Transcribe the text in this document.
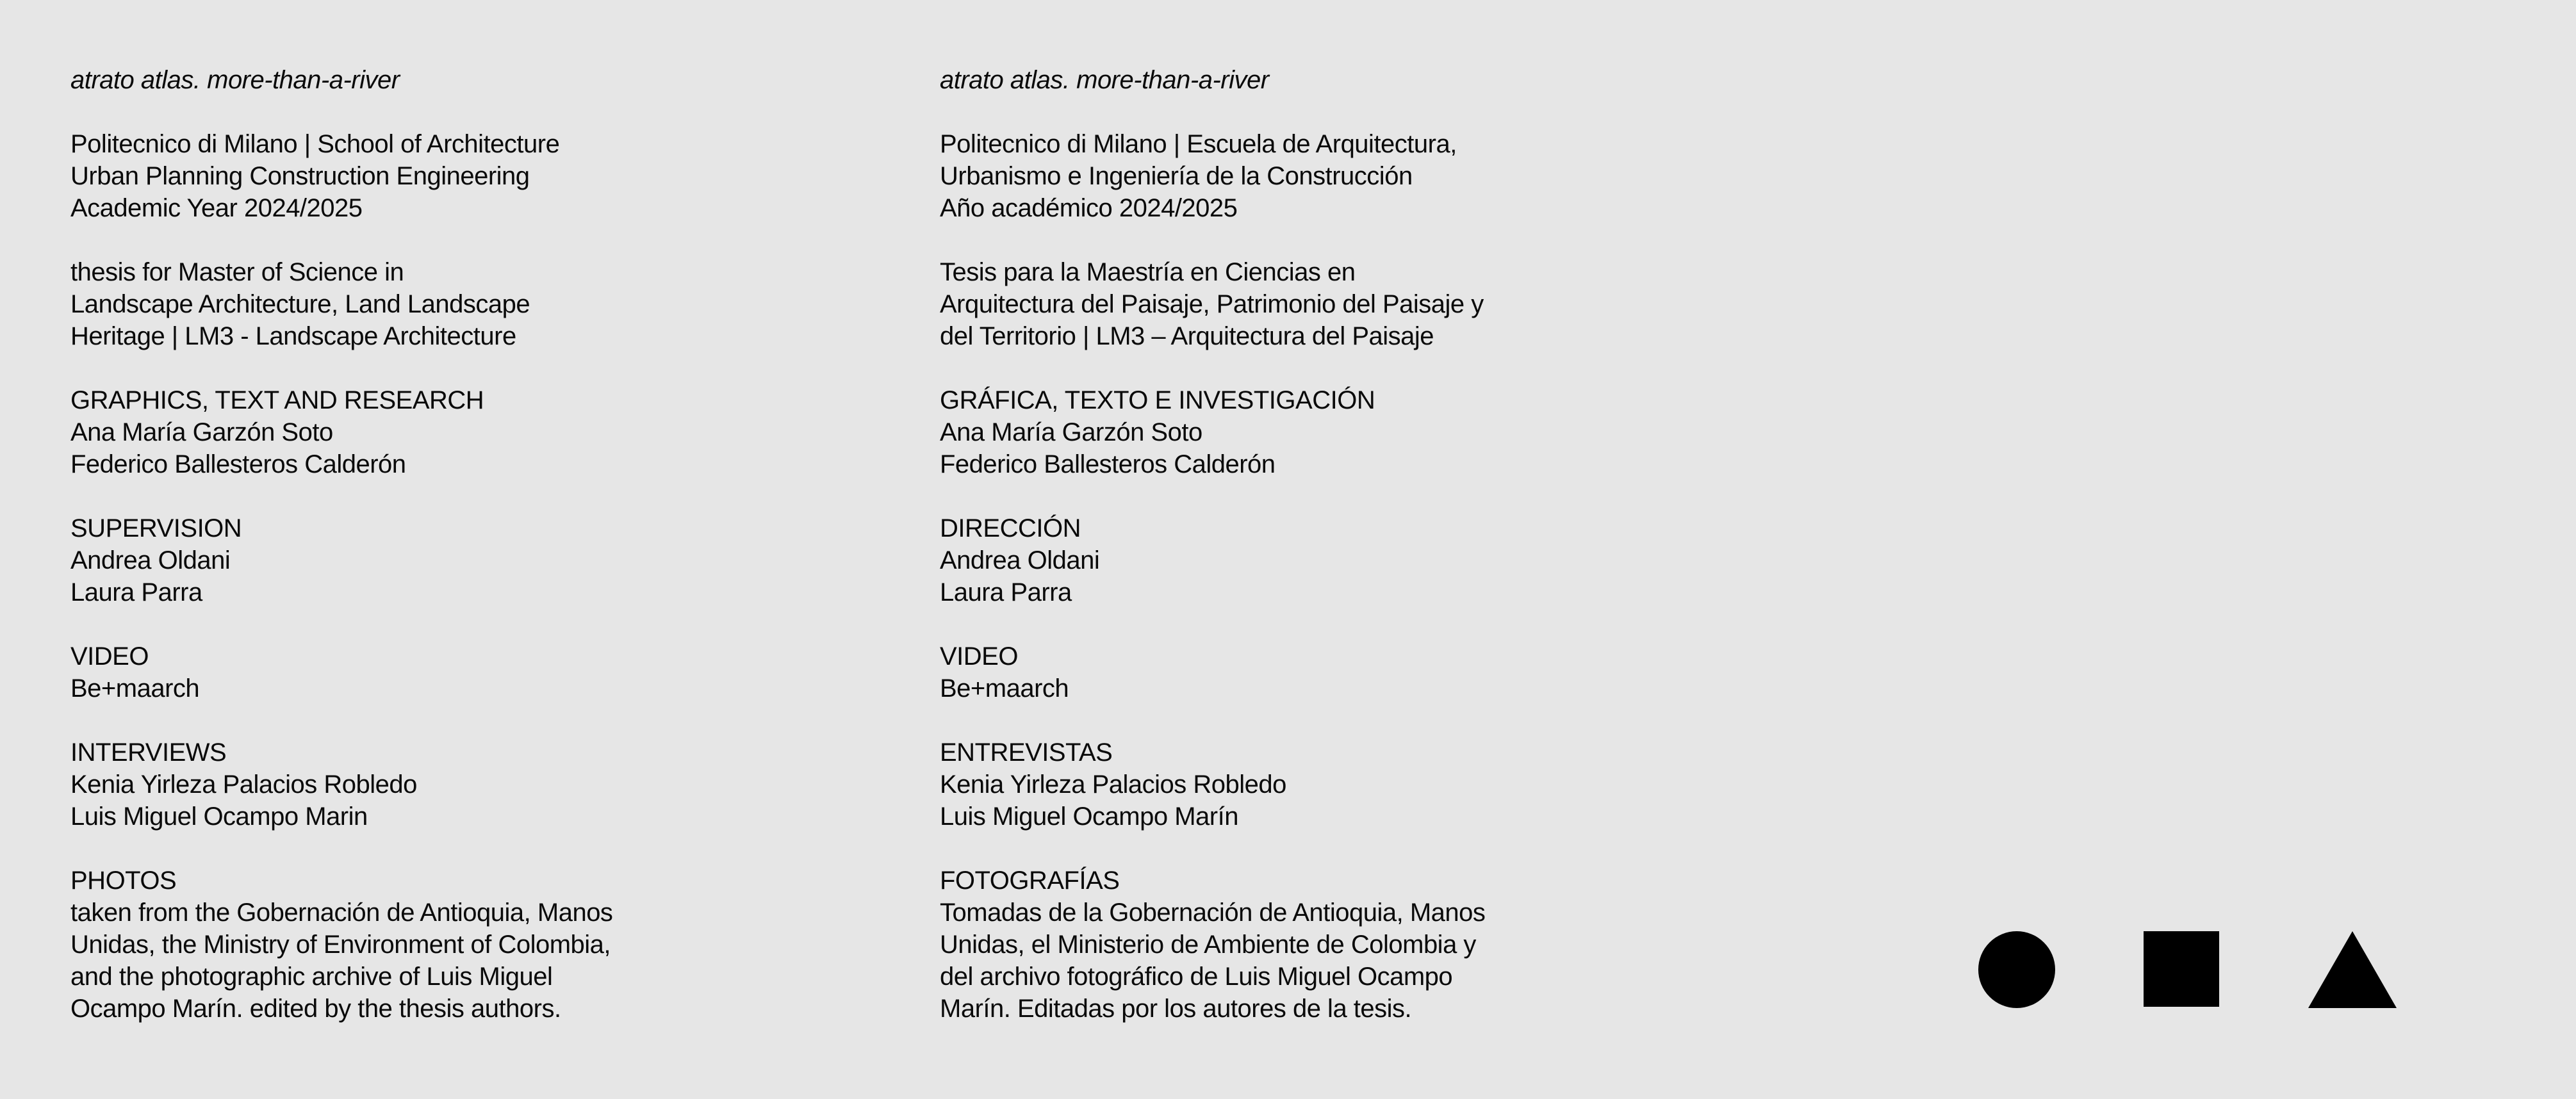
atrato atlas. more-than-a-river
Politecnico di Milano | School of Architecture
Urban Planning Construction Engineering
Academic Year 2024/2025
thesis for Master of Science in
Landscape Architecture, Land Landscape
Heritage | LM3 - Landscape Architecture
GRAPHICS, TEXT AND RESEARCH
Ana María Garzón Soto
Federico Ballesteros Calderón
SUPERVISION
Andrea Oldani
Laura Parra
VIDEO
Be+maarch
INTERVIEWS
Kenia Yirleza Palacios Robledo
Luis Miguel Ocampo Marin
PHOTOS
taken from the Gobernación de Antioquia, Manos
Unidas, the Ministry of Environment of Colombia,
and the photographic archive of Luis Miguel
Ocampo Marín. edited by the thesis authors.
atrato atlas. more-than-a-river
Politecnico di Milano | Escuela de Arquitectura,
Urbanismo e Ingeniería de la Construcción
Año académico 2024/2025
Tesis para la Maestría en Ciencias en
Arquitectura del Paisaje, Patrimonio del Paisaje y
del Territorio | LM3 – Arquitectura del Paisaje
GRÁFICA, TEXTO E INVESTIGACIÓN
Ana María Garzón Soto
Federico Ballesteros Calderón
DIRECCIÓN
Andrea Oldani
Laura Parra
VIDEO
Be+maarch
ENTREVISTAS
Kenia Yirleza Palacios Robledo
Luis Miguel Ocampo Marín
FOTOGRAFÍAS
Tomadas de la Gobernación de Antioquia, Manos
Unidas, el Ministerio de Ambiente de Colombia y
del archivo fotográfico de Luis Miguel Ocampo
Marín. Editadas por los autores de la tesis.
